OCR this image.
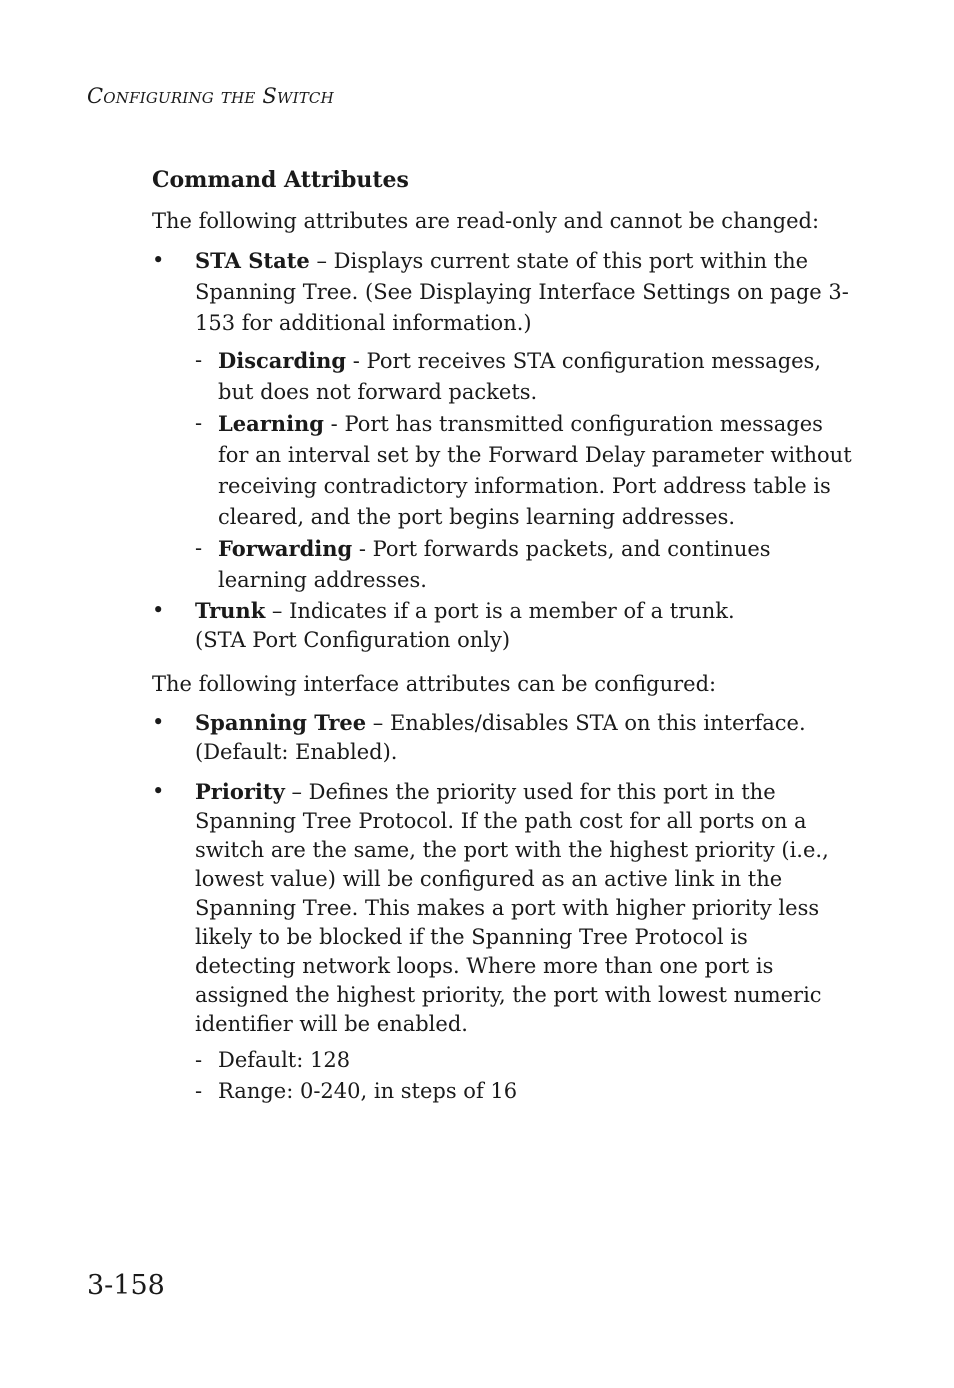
Configuring the Switch
Command Attributes
The following attributes are read-only and cannot be changed:
• STA State – Displays current state of this port within the Spanning Tree. (See Displaying Interface Settings on page 3-153 for additional information.)
- Discarding - Port receives STA configuration messages, but does not forward packets.
- Learning - Port has transmitted configuration messages for an interval set by the Forward Delay parameter without receiving contradictory information. Port address table is cleared, and the port begins learning addresses.
- Forwarding - Port forwards packets, and continues learning addresses.
• Trunk – Indicates if a port is a member of a trunk.
(STA Port Configuration only)
The following interface attributes can be configured:
• Spanning Tree – Enables/disables STA on this interface. (Default: Enabled).
• Priority – Defines the priority used for this port in the Spanning Tree Protocol. If the path cost for all ports on a switch are the same, the port with the highest priority (i.e., lowest value) will be configured as an active link in the Spanning Tree. This makes a port with higher priority less likely to be blocked if the Spanning Tree Protocol is detecting network loops. Where more than one port is assigned the highest priority, the port with lowest numeric identifier will be enabled.
- Default: 128
- Range: 0-240, in steps of 16
3-158
